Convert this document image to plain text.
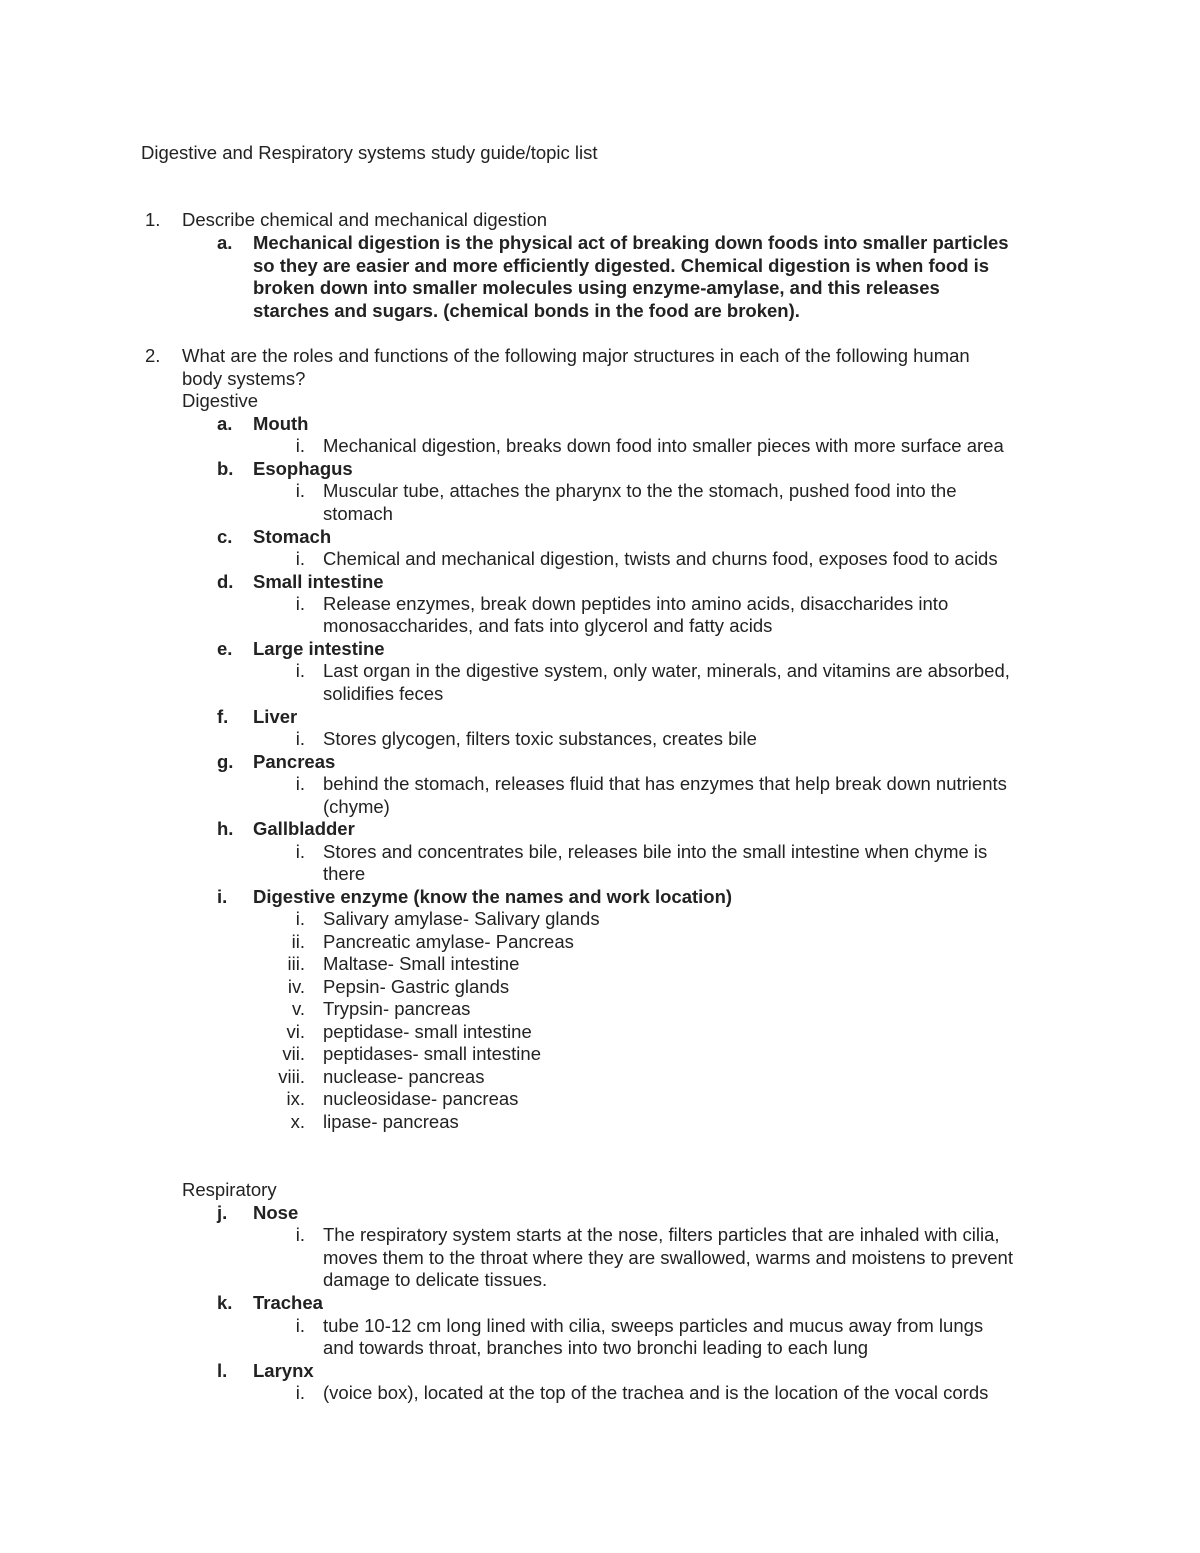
Digestive and Respiratory systems study guide/topic list
1. Describe chemical and mechanical digestion
a. Mechanical digestion is the physical act of breaking down foods into smaller particles
so they are easier and more efficiently digested. Chemical digestion is when food is
broken down into smaller molecules using enzyme-amylase, and this releases
starches and sugars. (chemical bonds in the food are broken).
2. What are the roles and functions of the following major structures in each of the following human
body systems?
Digestive
a. Mouth
i. Mechanical digestion, breaks down food into smaller pieces with more surface area
b. Esophagus
i. Muscular tube, attaches the pharynx to the the stomach, pushed food into the
stomach
c. Stomach
i. Chemical and mechanical digestion, twists and churns food, exposes food to acids
d. Small intestine
i. Release enzymes, break down peptides into amino acids, disaccharides into
monosaccharides, and fats into glycerol and fatty acids
e. Large intestine
i. Last organ in the digestive system, only water, minerals, and vitamins are absorbed,
solidifies feces
f. Liver
i. Stores glycogen, filters toxic substances, creates bile
g. Pancreas
i. behind the stomach, releases fluid that has enzymes that help break down nutrients
(chyme)
h. Gallbladder
i. Stores and concentrates bile, releases bile into the small intestine when chyme is
there
i. Digestive enzyme (know the names and work location)
i. Salivary amylase- Salivary glands
ii. Pancreatic amylase- Pancreas
iii. Maltase- Small intestine
iv. Pepsin- Gastric glands
v. Trypsin- pancreas
vi. peptidase- small intestine
vii. peptidases- small intestine
viii. nuclease- pancreas
ix. nucleosidase- pancreas
x. lipase- pancreas
Respiratory
j. Nose
i. The respiratory system starts at the nose, filters particles that are inhaled with cilia,
moves them to the throat where they are swallowed, warms and moistens to prevent
damage to delicate tissues.
k. Trachea
i. tube 10-12 cm long lined with cilia, sweeps particles and mucus away from lungs
and towards throat, branches into two bronchi leading to each lung
l. Larynx
i. (voice box), located at the top of the trachea and is the location of the vocal cords
